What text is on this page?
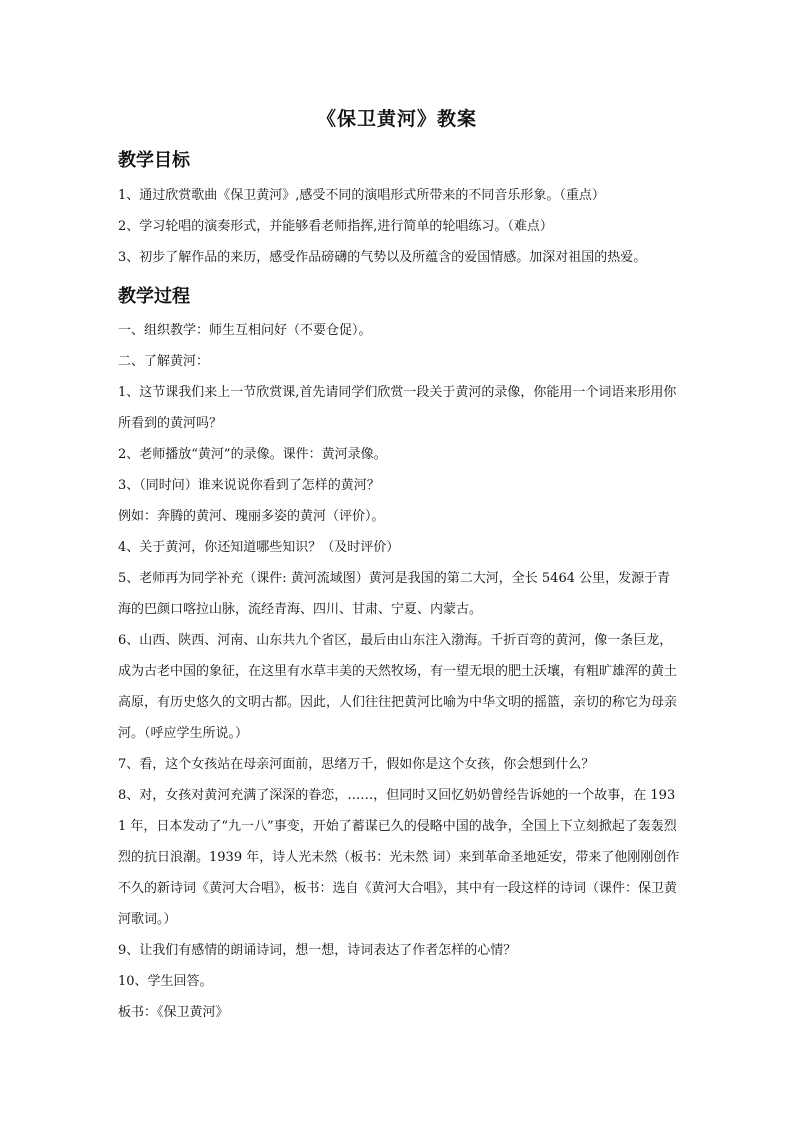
《保卫黄河》教案
教学目标
1、通过欣赏歌曲《保卫黄河》,感受不同的演唱形式所带来的不同音乐形象。（重点）
2、学习轮唱的演奏形式，并能够看老师指挥,进行简单的轮唱练习。（难点）
3、初步了解作品的来历，感受作品磅礴的气势以及所蕴含的爱国情感。加深对祖国的热爱。
教学过程
一、组织教学：师生互相问好（不要仓促）。
二、了解黄河：
1、这节课我们来上一节欣赏课,首先请同学们欣赏一段关于黄河的录像，你能用一个词语来形用你所看到的黄河吗？
2、老师播放“黄河”的录像。课件：黄河录像。
3、（同时问）谁来说说你看到了怎样的黄河？
例如：奔腾的黄河、瑰丽多姿的黄河（评价）。
4、关于黄河，你还知道哪些知识？（及时评价）
5、老师再为同学补充（课件: 黄河流域图）黄河是我国的第二大河，全长 5464 公里，发源于青海的巴颜口喀拉山脉，流经青海、四川、甘肃、宁夏、内蒙古。
6、山西、陕西、河南、山东共九个省区，最后由山东注入渤海。千折百弯的黄河，像一条巨龙，成为古老中国的象征，在这里有水草丰美的天然牧场，有一望无垠的肥土沃壤，有粗旷雄浑的黄土高原，有历史悠久的文明古都。因此，人们往往把黄河比喻为中华文明的摇篮，亲切的称它为母亲河。（呼应学生所说。）
7、看，这个女孩站在母亲河面前，思绪万千，假如你是这个女孩，你会想到什么？
8、对，女孩对黄河充满了深深的眷恋，……，但同时又回忆奶奶曾经告诉她的一个故事，在 1931 年，日本发动了“九一八”事变，开始了蓄谋已久的侵略中国的战争，全国上下立刻掀起了轰轰烈烈的抗日浪潮。1939 年，诗人光未然（板书：光未然 词）来到革命圣地延安，带来了他刚刚创作不久的新诗词《黄河大合唱》，板书：选自《黄河大合唱》，其中有一段这样的诗词（课件：保卫黄河歌词。）
9、让我们有感情的朗诵诗词，想一想，诗词表达了作者怎样的心情？
10、学生回答。
板书：《保卫黄河》
